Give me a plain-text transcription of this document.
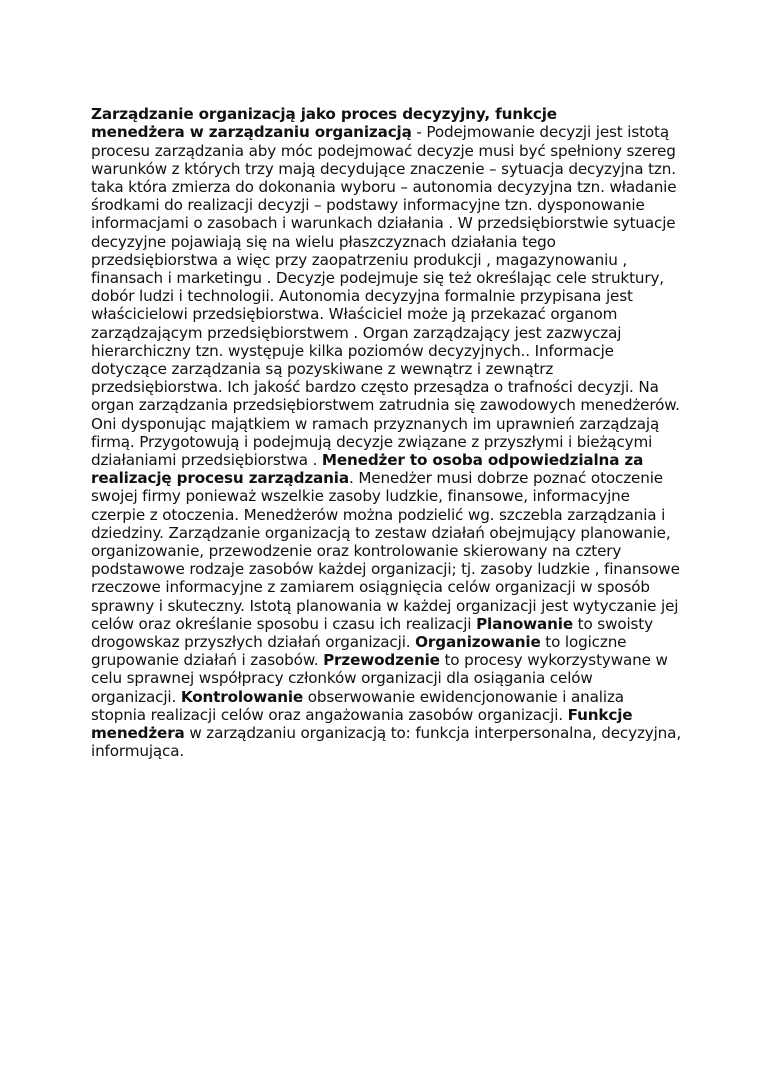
Zarządzanie organizacją jako proces decyzyjny, funkcje
menedżera w zarządzaniu organizacją - Podejmowanie decyzji jest istotą procesu zarządzania aby móc podejmować decyzje musi być spełniony szereg warunków z których trzy mają decydujące znaczenie – sytuacja decyzyjna tzn. taka która zmierza do dokonania wyboru – autonomia decyzyjna tzn. władanie środkami do realizacji decyzji – podstawy informacyjne tzn. dysponowanie informacjami o zasobach i warunkach działania . W przedsiębiorstwie sytuacje decyzyjne pojawiają się na wielu płaszczyznach działania tego przedsiębiorstwa a więc przy zaopatrzeniu produkcji , magazynowaniu , finansach i marketingu . Decyzje podejmuje się też określając cele struktury, dobór ludzi i technologii. Autonomia decyzyjna formalnie przypisana jest właścicielowi przedsiębiorstwa. Właściciel może ją przekazać organom zarządzającym przedsiębiorstwem . Organ zarządzający jest zazwyczaj hierarchiczny tzn. występuje kilka poziomów decyzyjnych.. Informacje dotyczące zarządzania są pozyskiwane z wewnątrz i zewnątrz przedsiębiorstwa. Ich jakość bardzo często przesądza o trafności decyzji. Na organ zarządzania przedsiębiorstwem zatrudnia się zawodowych menedżerów. Oni dysponując majątkiem w ramach przyznanych im uprawnień zarządzają firmą. Przygotowują i podejmują decyzje związane z przyszłymi i bieżącymi działaniami przedsiębiorstwa . Menedżer to osoba odpowiedzialna za realizację procesu zarządzania. Menedżer musi dobrze poznać otoczenie swojej firmy ponieważ wszelkie zasoby ludzkie, finansowe, informacyjne czerpie z otoczenia. Menedżerów można podzielić wg. szczebla zarządzania i dziedziny. Zarządzanie organizacją to zestaw działań obejmujący planowanie, organizowanie, przewodzenie oraz kontrolowanie skierowany na cztery podstawowe rodzaje zasobów każdej organizacji; tj. zasoby ludzkie , finansowe rzeczowe informacyjne z zamiarem osiągnięcia celów organizacji w sposób sprawny i skuteczny. Istotą planowania w każdej organizacji jest wytyczanie jej celów oraz określanie sposobu i czasu ich realizacji Planowanie to swoisty drogowskaz przyszłych działań organizacji. Organizowanie to logiczne grupowanie działań i zasobów. Przewodzenie to procesy wykorzystywane w celu sprawnej współpracy członków organizacji dla osiągania celów organizacji. Kontrolowanie obserwowanie ewidencjonowanie i analiza stopnia realizacji celów oraz angażowania zasobów organizacji. Funkcje menedżera w zarządzaniu organizacją to: funkcja interpersonalna, decyzyjna, informująca.
